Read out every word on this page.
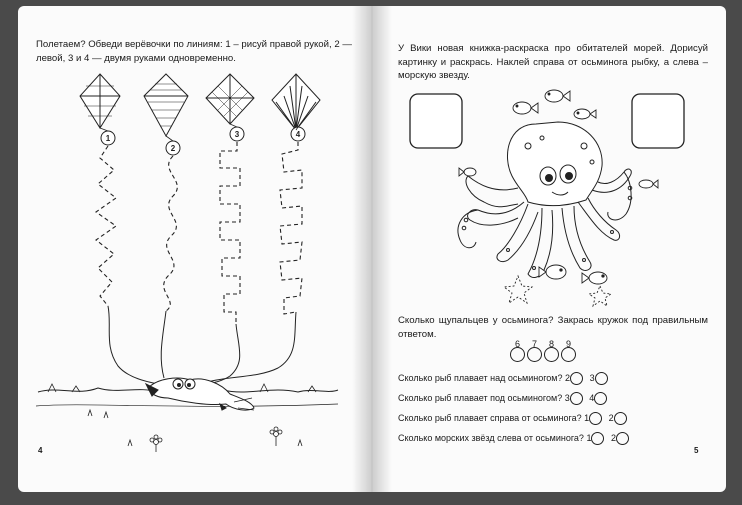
Полетаем? Обведи верёвочки по линиям: 1 – рисуй правой рукой, 2 — левой, 3 и 4 — двумя руками одновременно.
1
2
3	4
4
У Вики новая книжка-раскраска про обитателей морей. Дорисуй картинку и раскрась. Наклей справа от осьминога рыбку, а слева – морскую звезду.
Сколько щупальцев у осьминога? Закрась кружок под правильным ответом.
6 7 8 9
Сколько рыб плавает над осьминогом? 2 3
Сколько рыб плавает под осьминогом? 3 4
Сколько рыб плавает справа от осьминога? 1 2
Сколько морских звёзд слева от осьминога? 1 2
5
